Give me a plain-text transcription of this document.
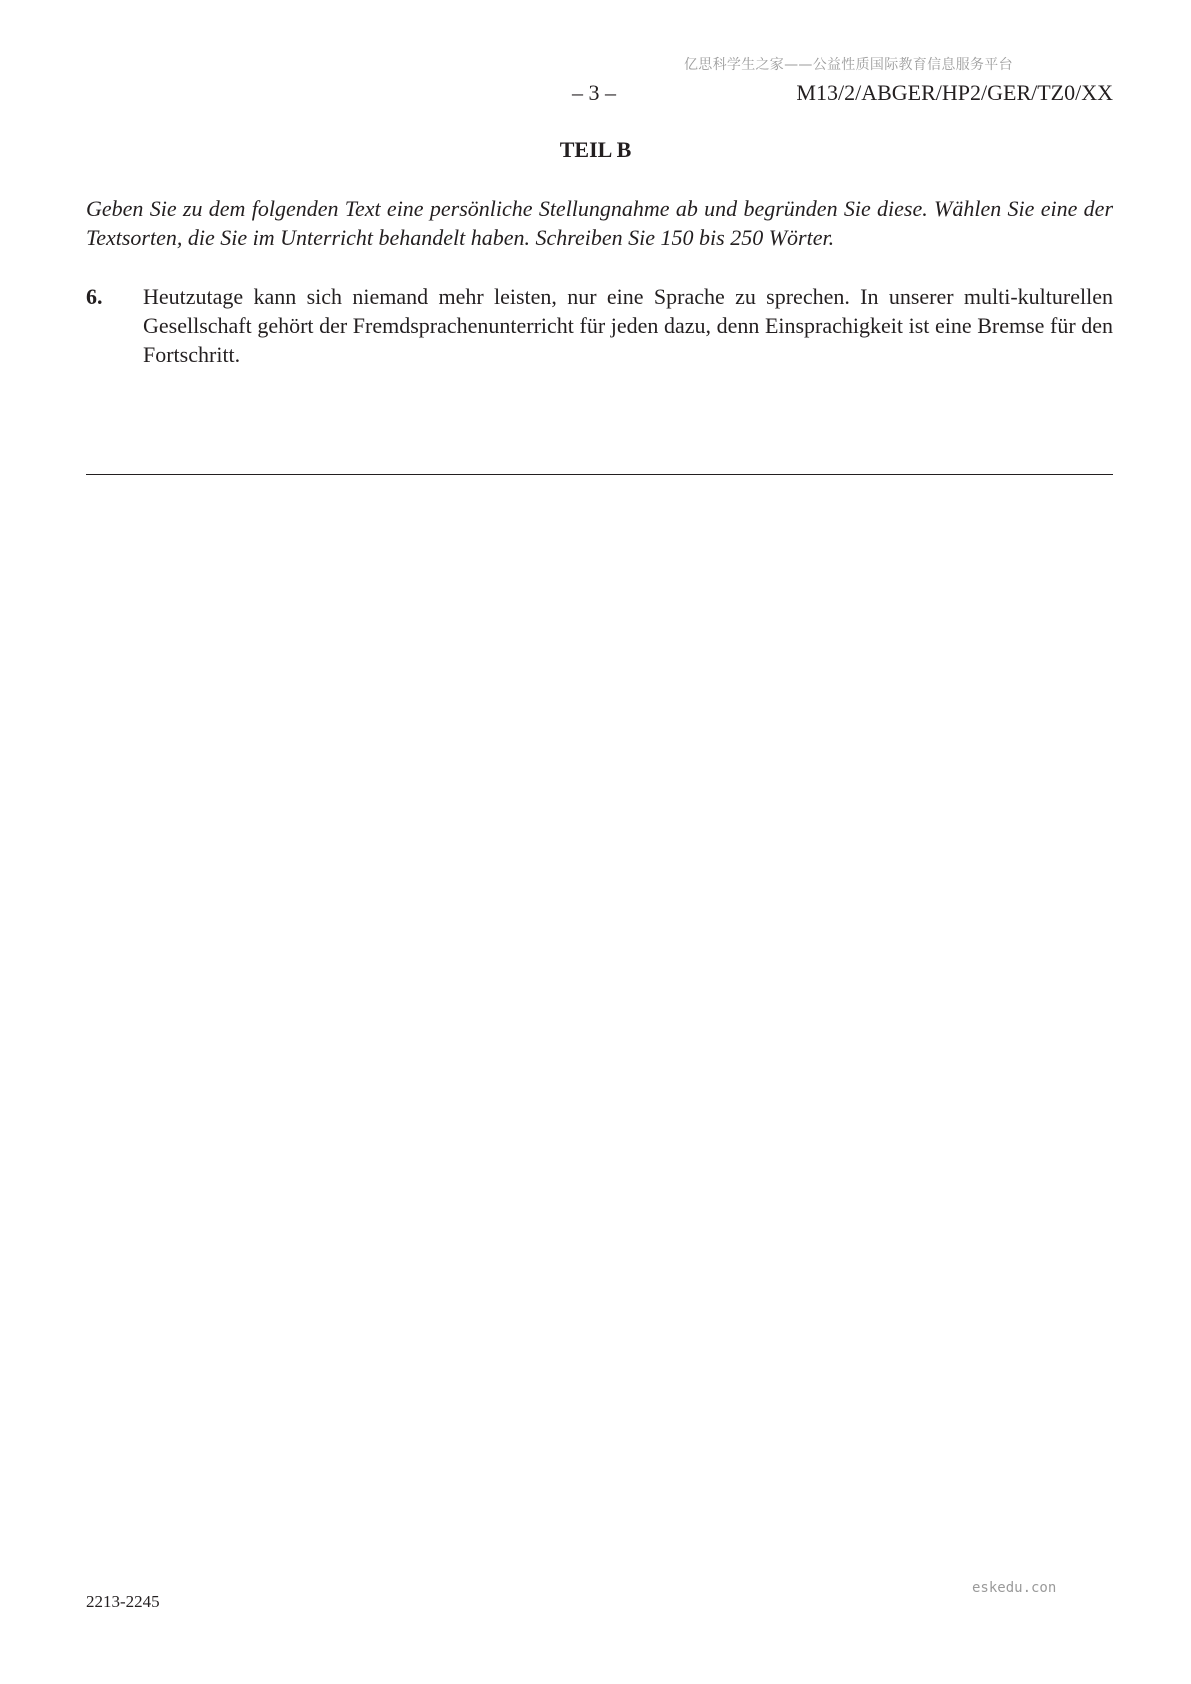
亿思科学生之家——公益性质国际教育信息服务平台
– 3 –	M13/2/ABGER/HP2/GER/TZ0/XX
TEIL B

Geben Sie zu dem folgenden Text eine persönliche Stellungnahme ab und begründen Sie diese. Wählen Sie eine der Textsorten, die Sie im Unterricht behandelt haben. Schreiben Sie 150 bis 250 Wörter.

6. Heutzutage kann sich niemand mehr leisten, nur eine Sprache zu sprechen. In unserer multi-kulturellen Gesellschaft gehört der Fremdsprachenunterricht für jeden dazu, denn Einsprachigkeit ist eine Bremse für den Fortschritt.

eskedu.con
2213-2245
